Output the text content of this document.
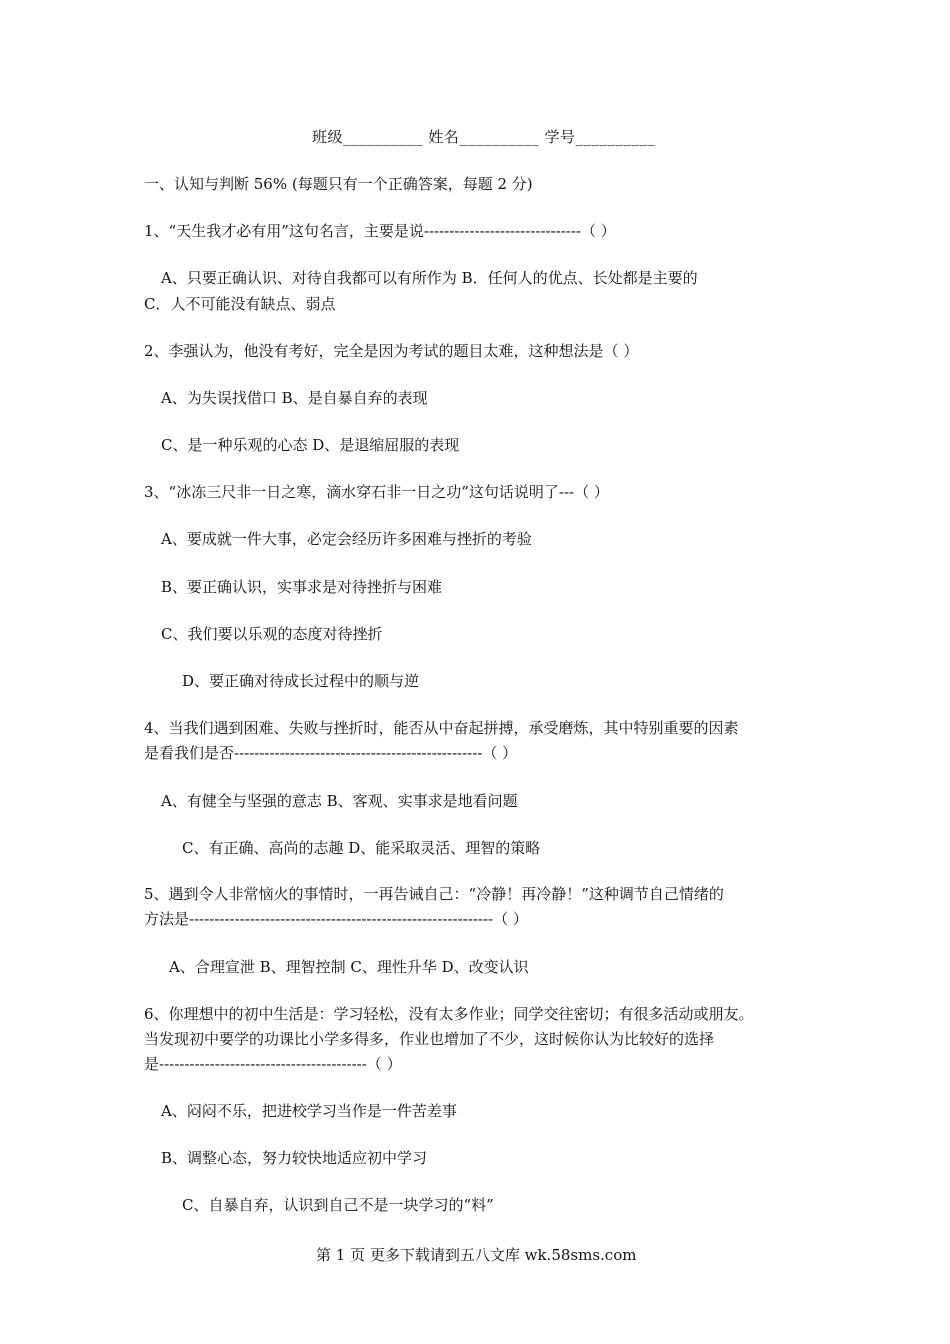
班级__________ 姓名__________ 学号__________
一、认知与判断 56% (每题只有一个正确答案，每题 2 分)
1、“天生我才必有用”这句名言，主要是说-------------------------------（ ）
A、只要正确认识、对待自我都可以有所作为 B．任何人的优点、长处都是主要的
C．人不可能没有缺点、弱点
2、李强认为，他没有考好，完全是因为考试的题目太难，这种想法是（ ）
A、为失误找借口 B、是自暴自弃的表现
C、是一种乐观的心态 D、是退缩屈服的表现
3、“冰冻三尺非一日之寒，滴水穿石非一日之功”这句话说明了---（ ）
A、要成就一件大事，必定会经历许多困难与挫折的考验
B、要正确认识，实事求是对待挫折与困难
C、我们要以乐观的态度对待挫折
D、要正确对待成长过程中的顺与逆
4、当我们遇到困难、失败与挫折时，能否从中奋起拼搏，承受磨炼，其中特别重要的因素
是看我们是否-------------------------------------------------（ ）
A、有健全与坚强的意志 B、客观、实事求是地看问题
C、有正确、高尚的志趣 D、能采取灵活、理智的策略
5、遇到令人非常恼火的事情时，一再告诫自己：“冷静！再冷静！”这种调节自己情绪的
方法是------------------------------------------------------------（ ）
A、合理宣泄 B、理智控制 C、理性升华 D、改变认识
6、你理想中的初中生活是：学习轻松，没有太多作业；同学交往密切；有很多活动或朋友。
当发现初中要学的功课比小学多得多，作业也增加了不少，这时候你认为比较好的选择
是-----------------------------------------（ ）
A、闷闷不乐，把进校学习当作是一件苦差事
B、调整心态，努力较快地适应初中学习
C、自暴自弃，认识到自己不是一块学习的“料”
第 1 页 更多下载请到五八文库 wk.58sms.com
